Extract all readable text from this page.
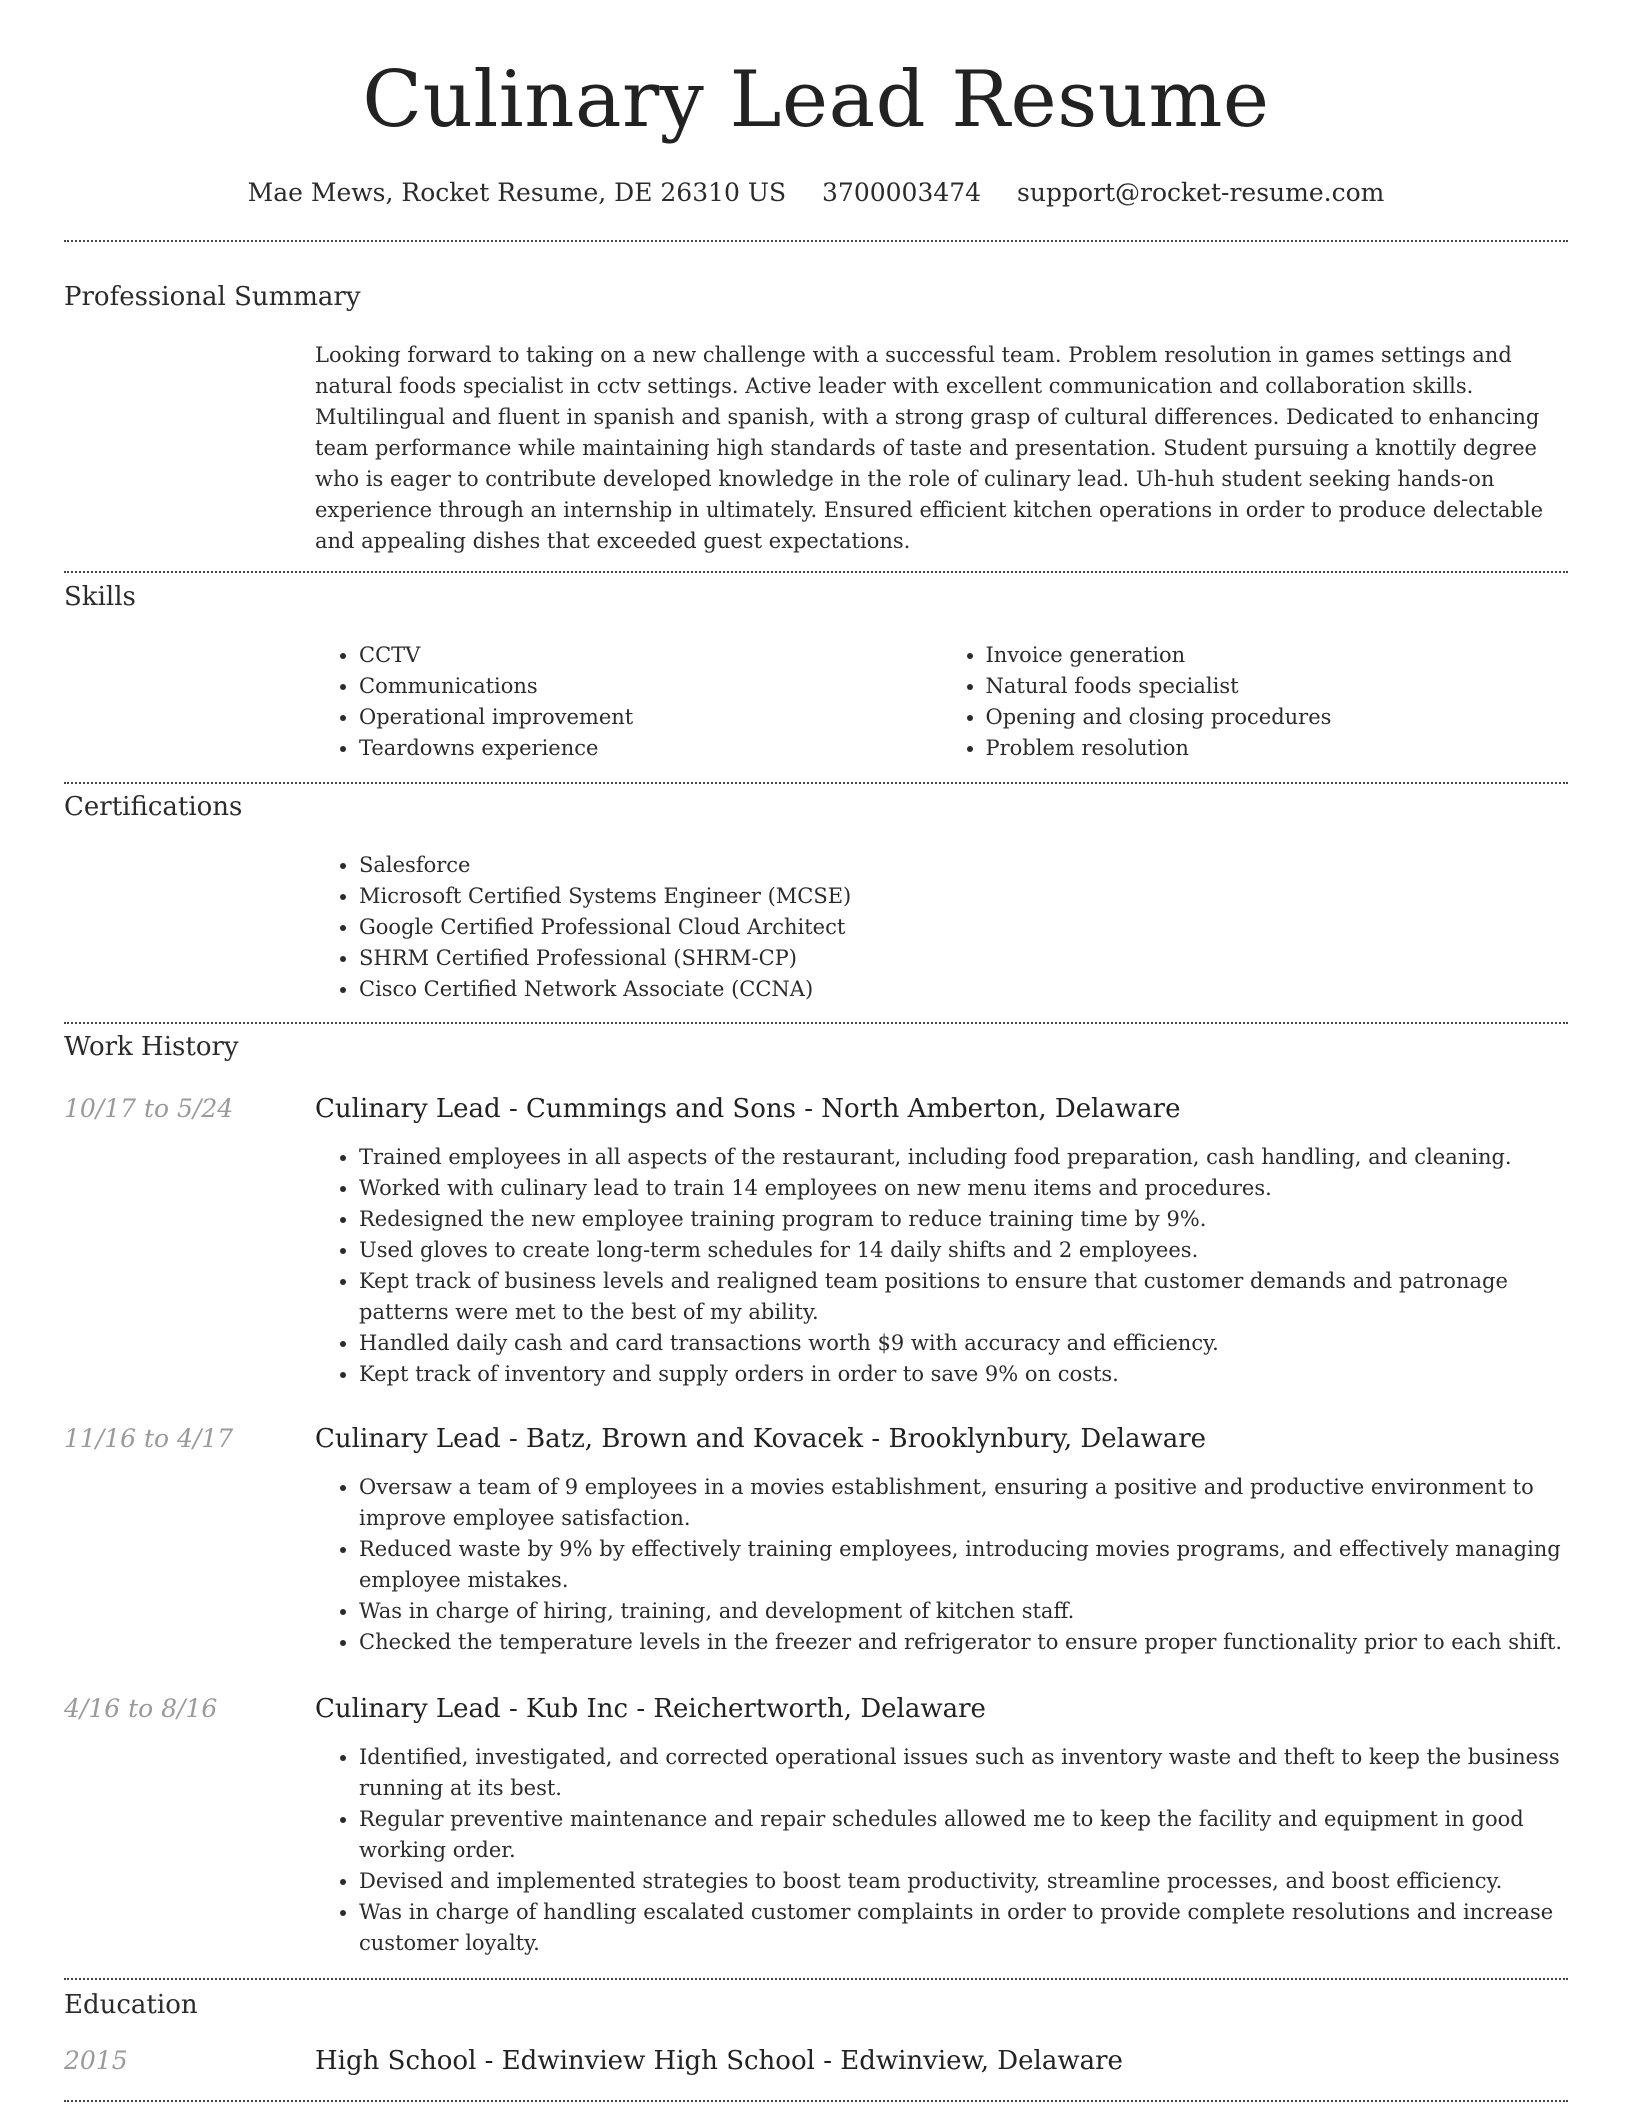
Culinary Lead Resume
Mae Mews, Rocket Resume, DE 26310 US 3700003474 support@rocket-resume.com
Professional Summary

Looking forward to taking on a new challenge with a successful team. Problem resolution in games settings and natural foods specialist in cctv settings. Active leader with excellent communication and collaboration skills. Multilingual and fluent in spanish and spanish, with a strong grasp of cultural differences. Dedicated to enhancing team performance while maintaining high standards of taste and presentation. Student pursuing a knottily degree who is eager to contribute developed knowledge in the role of culinary lead. Uh-huh student seeking hands-on experience through an internship in ultimately. Ensured efficient kitchen operations in order to produce delectable and appealing dishes that exceeded guest expectations.

Skills
• CCTV
• Communications
• Operational improvement
• Teardowns experience
• Invoice generation
• Natural foods specialist
• Opening and closing procedures
• Problem resolution
Certifications
• Salesforce
• Microsoft Certified Systems Engineer (MCSE)
• Google Certified Professional Cloud Architect
• SHRM Certified Professional (SHRM-CP)
• Cisco Certified Network Associate (CCNA)
Work History
10/17 to 5/24	Culinary Lead - Cummings and Sons - North Amberton, Delaware
• Trained employees in all aspects of the restaurant, including food preparation, cash handling, and cleaning.
• Worked with culinary lead to train 14 employees on new menu items and procedures.
• Redesigned the new employee training program to reduce training time by 9%.
• Used gloves to create long-term schedules for 14 daily shifts and 2 employees.
• Kept track of business levels and realigned team positions to ensure that customer demands and patronage patterns were met to the best of my ability.
• Handled daily cash and card transactions worth $9 with accuracy and efficiency.
• Kept track of inventory and supply orders in order to save 9% on costs.
11/16 to 4/17	Culinary Lead - Batz, Brown and Kovacek - Brooklynbury, Delaware
• Oversaw a team of 9 employees in a movies establishment, ensuring a positive and productive environment to improve employee satisfaction.
• Reduced waste by 9% by effectively training employees, introducing movies programs, and effectively managing employee mistakes.
• Was in charge of hiring, training, and development of kitchen staff.
• Checked the temperature levels in the freezer and refrigerator to ensure proper functionality prior to each shift.
4/16 to 8/16	Culinary Lead - Kub Inc - Reichertworth, Delaware
• Identified, investigated, and corrected operational issues such as inventory waste and theft to keep the business running at its best.
• Regular preventive maintenance and repair schedules allowed me to keep the facility and equipment in good working order.
• Devised and implemented strategies to boost team productivity, streamline processes, and boost efficiency.
• Was in charge of handling escalated customer complaints in order to provide complete resolutions and increase customer loyalty.
Education
2015	High School - Edwinview High School - Edwinview, Delaware
